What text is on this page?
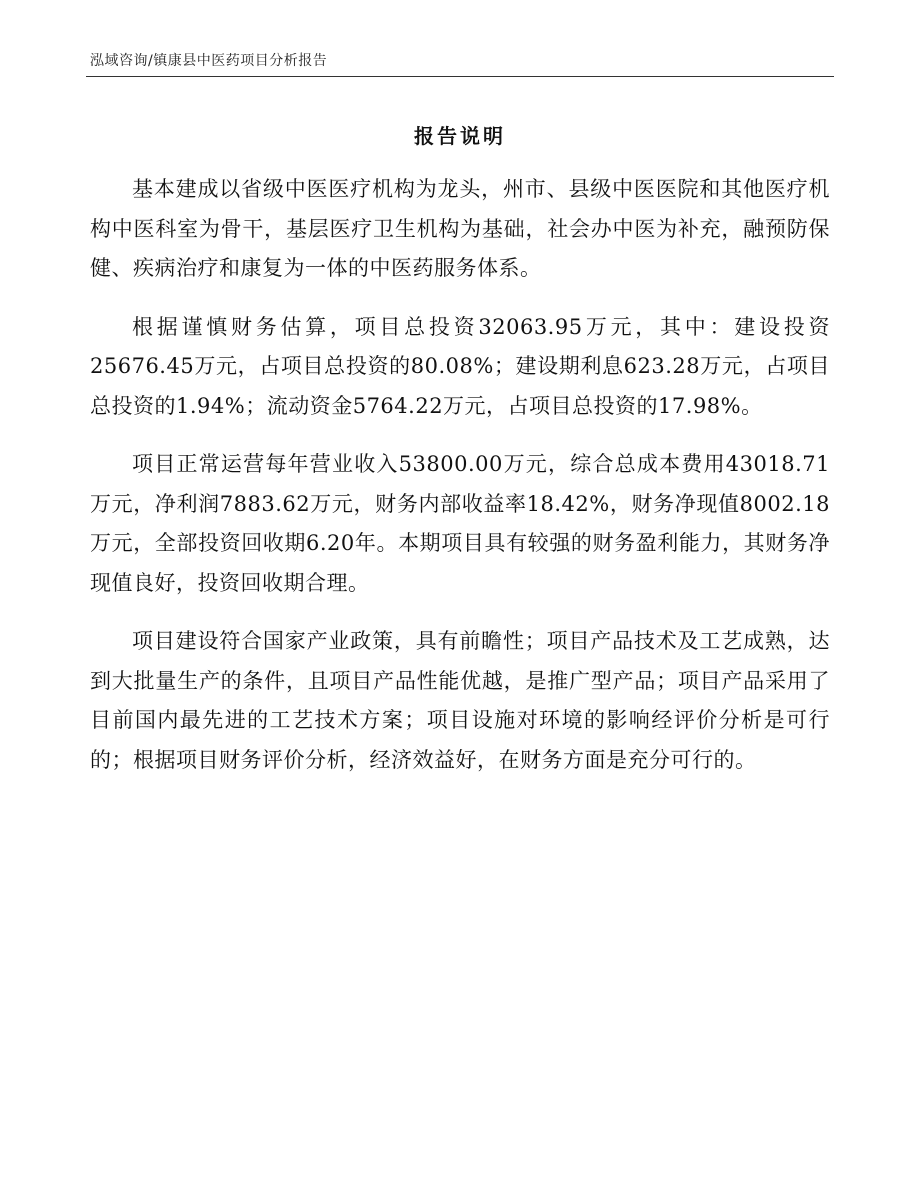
泓域咨询/镇康县中医药项目分析报告
报告说明

基本建成以省级中医医疗机构为龙头，州市、县级中医医院和其他医疗机构中医科室为骨干，基层医疗卫生机构为基础，社会办中医为补充，融预防保健、疾病治疗和康复为一体的中医药服务体系。

根据谨慎财务估算，项目总投资32063.95万元，其中：建设投资25676.45万元，占项目总投资的80.08%；建设期利息623.28万元，占项目总投资的1.94%；流动资金5764.22万元，占项目总投资的17.98%。

项目正常运营每年营业收入53800.00万元，综合总成本费用43018.71万元，净利润7883.62万元，财务内部收益率18.42%，财务净现值8002.18万元，全部投资回收期6.20年。本期项目具有较强的财务盈利能力，其财务净现值良好，投资回收期合理。

项目建设符合国家产业政策，具有前瞻性；项目产品技术及工艺成熟，达到大批量生产的条件，且项目产品性能优越，是推广型产品；项目产品采用了目前国内最先进的工艺技术方案；项目设施对环境的影响经评价分析是可行的；根据项目财务评价分析，经济效益好，在财务方面是充分可行的。
